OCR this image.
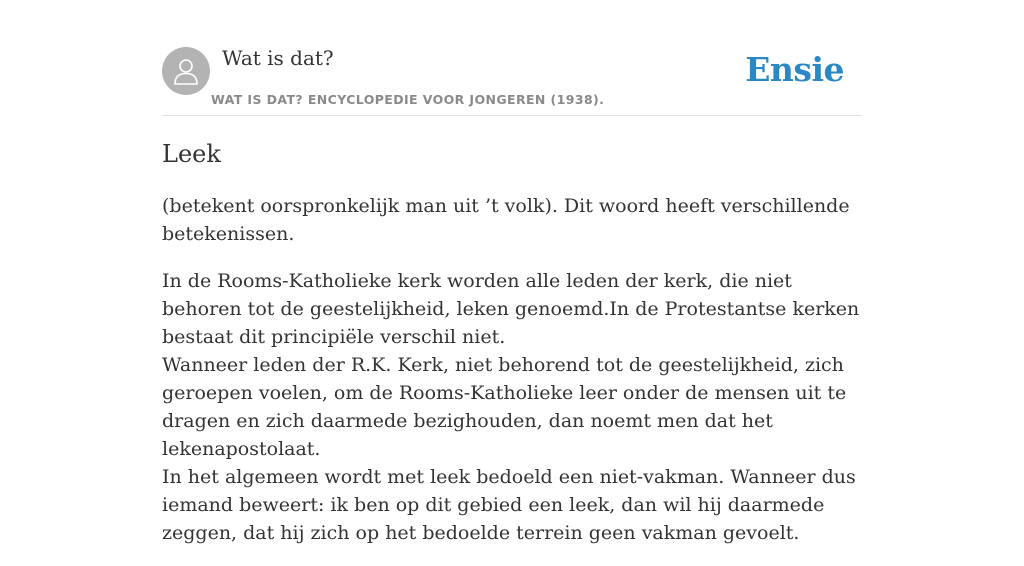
Wat is dat?
WAT IS DAT? ENCYCLOPEDIE VOOR JONGEREN (1938).
Ensie
Leek

(betekent oorspronkelijk man uit ’t volk). Dit woord heeft verschillende betekenissen.

In de Rooms-Katholieke kerk worden alle leden der kerk, die niet behoren tot de geestelijkheid, leken genoemd.In de Protestantse kerken bestaat dit principiële verschil niet.
Wanneer leden der R.K. Kerk, niet behorend tot de geestelijkheid, zich geroepen voelen, om de Rooms-Katholieke leer onder de mensen uit te dragen en zich daarmede bezighouden, dan noemt men dat het lekenapostolaat.
In het algemeen wordt met leek bedoeld een niet-vakman. Wanneer dus iemand beweert: ik ben op dit gebied een leek, dan wil hij daarmede zeggen, dat hij zich op het bedoelde terrein geen vakman gevoelt.
